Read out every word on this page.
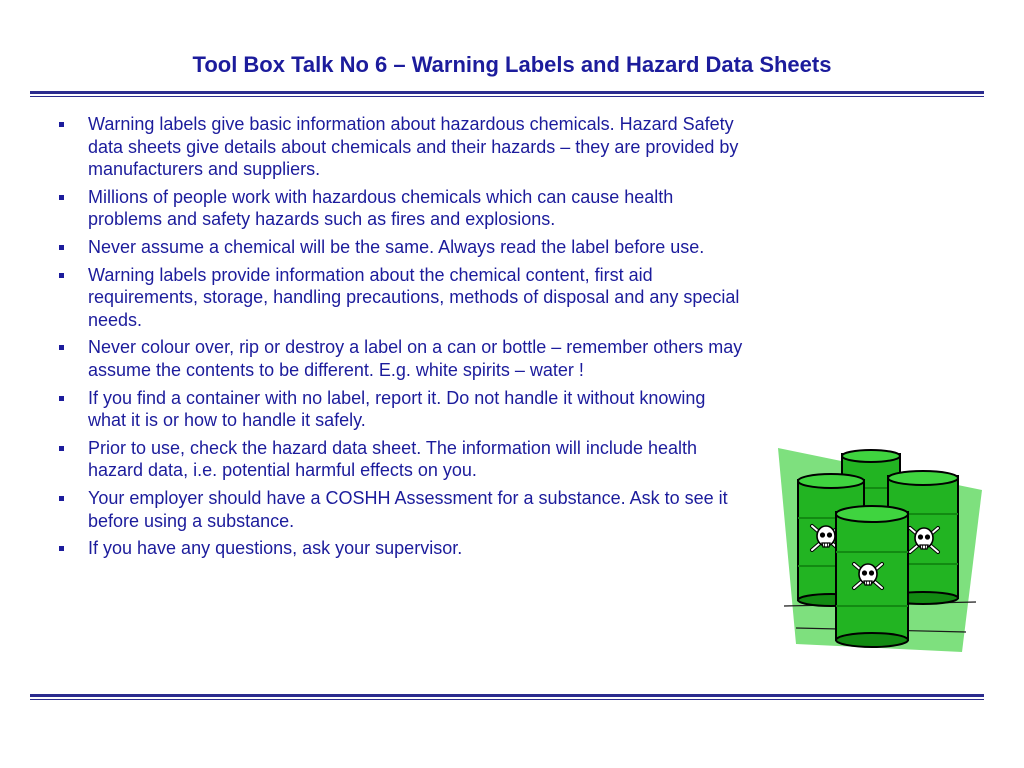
Tool Box Talk No 6 – Warning Labels and Hazard Data Sheets
Warning labels give basic information about hazardous chemicals. Hazard Safety data sheets give details about chemicals and their hazards – they are provided by manufacturers and suppliers.
Millions of people work with hazardous chemicals which can cause health problems and safety hazards such as fires and explosions.
Never assume a chemical will be the same. Always read the label before use.
Warning labels provide information about the chemical content, first aid requirements, storage, handling precautions, methods of disposal and any special needs.
Never colour over, rip or destroy a label on a can or bottle – remember others may assume the contents to be different. E.g. white spirits – water !
If you find a container with no label, report it. Do not handle it without knowing what it is or how to handle it safely.
Prior to use, check the hazard data sheet. The information will include health hazard data, i.e. potential harmful effects on you.
Your employer should have a COSHH Assessment for a substance. Ask to see it before using a substance.
If you have any questions, ask your supervisor.
